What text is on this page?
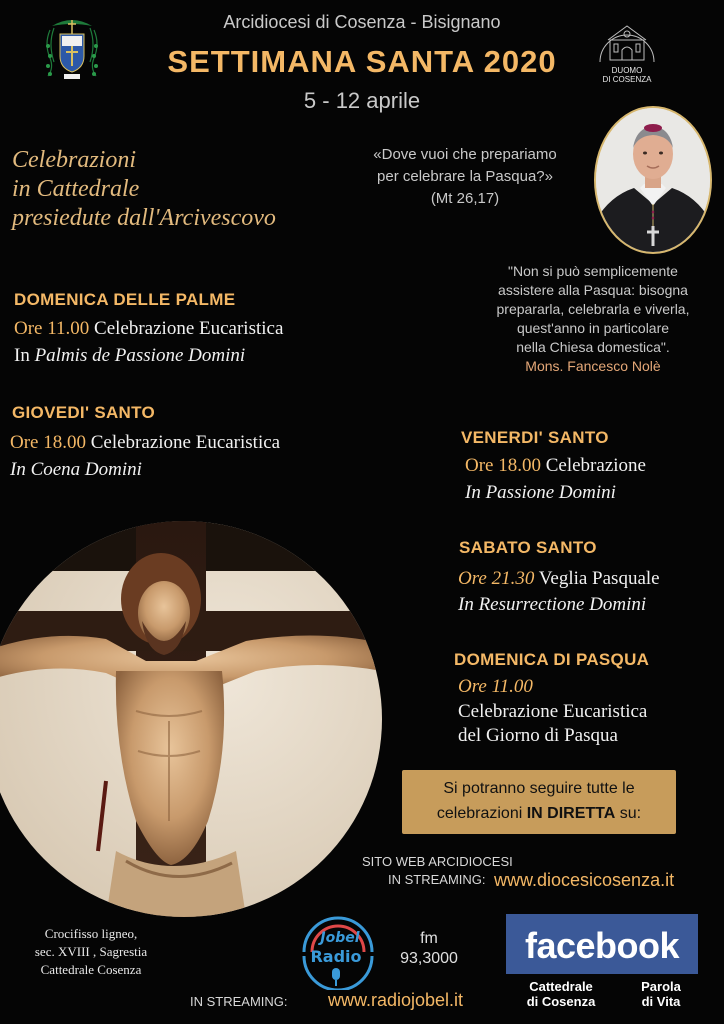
Arcidiocesi di Cosenza - Bisignano
SETTIMANA SANTA 2020
5 - 12 aprile
DUOMO
DI COSENZA
Celebrazioni
in Cattedrale
presiedute dall'Arcivescovo
«Dove vuoi che prepariamo
per celebrare la Pasqua?»
(Mt 26,17)
"Non si può semplicemente
assistere alla Pasqua: bisogna
prepararla, celebrarla e viverla,
quest'anno in particolare
nella Chiesa domestica".
Mons. Fancesco Nolè
DOMENICA DELLE PALME
Ore 11.00 Celebrazione Eucaristica
In Palmis de Passione Domini
GIOVEDI' SANTO
Ore 18.00 Celebrazione Eucaristica
In Coena Domini
VENERDI' SANTO
Ore 18.00 Celebrazione
In Passione Domini
SABATO SANTO
Ore 21.30 Veglia Pasquale
In Resurrectione Domini
DOMENICA DI PASQUA
Ore 11.00
Celebrazione Eucaristica
del Giorno di Pasqua
Crocifisso ligneo,
sec. XVIII , Sagrestia
Cattedrale Cosenza
Si potranno seguire tutte le
celebrazioni IN DIRETTA su:
SITO WEB ARCIDIOCESI
IN STREAMING: www.diocesicosenza.it
Jobel
Radio
fm
93,3000	facebook
Cattedrale
di Cosenza
Parola
di Vita
IN STREAMING: www.radiojobel.it
